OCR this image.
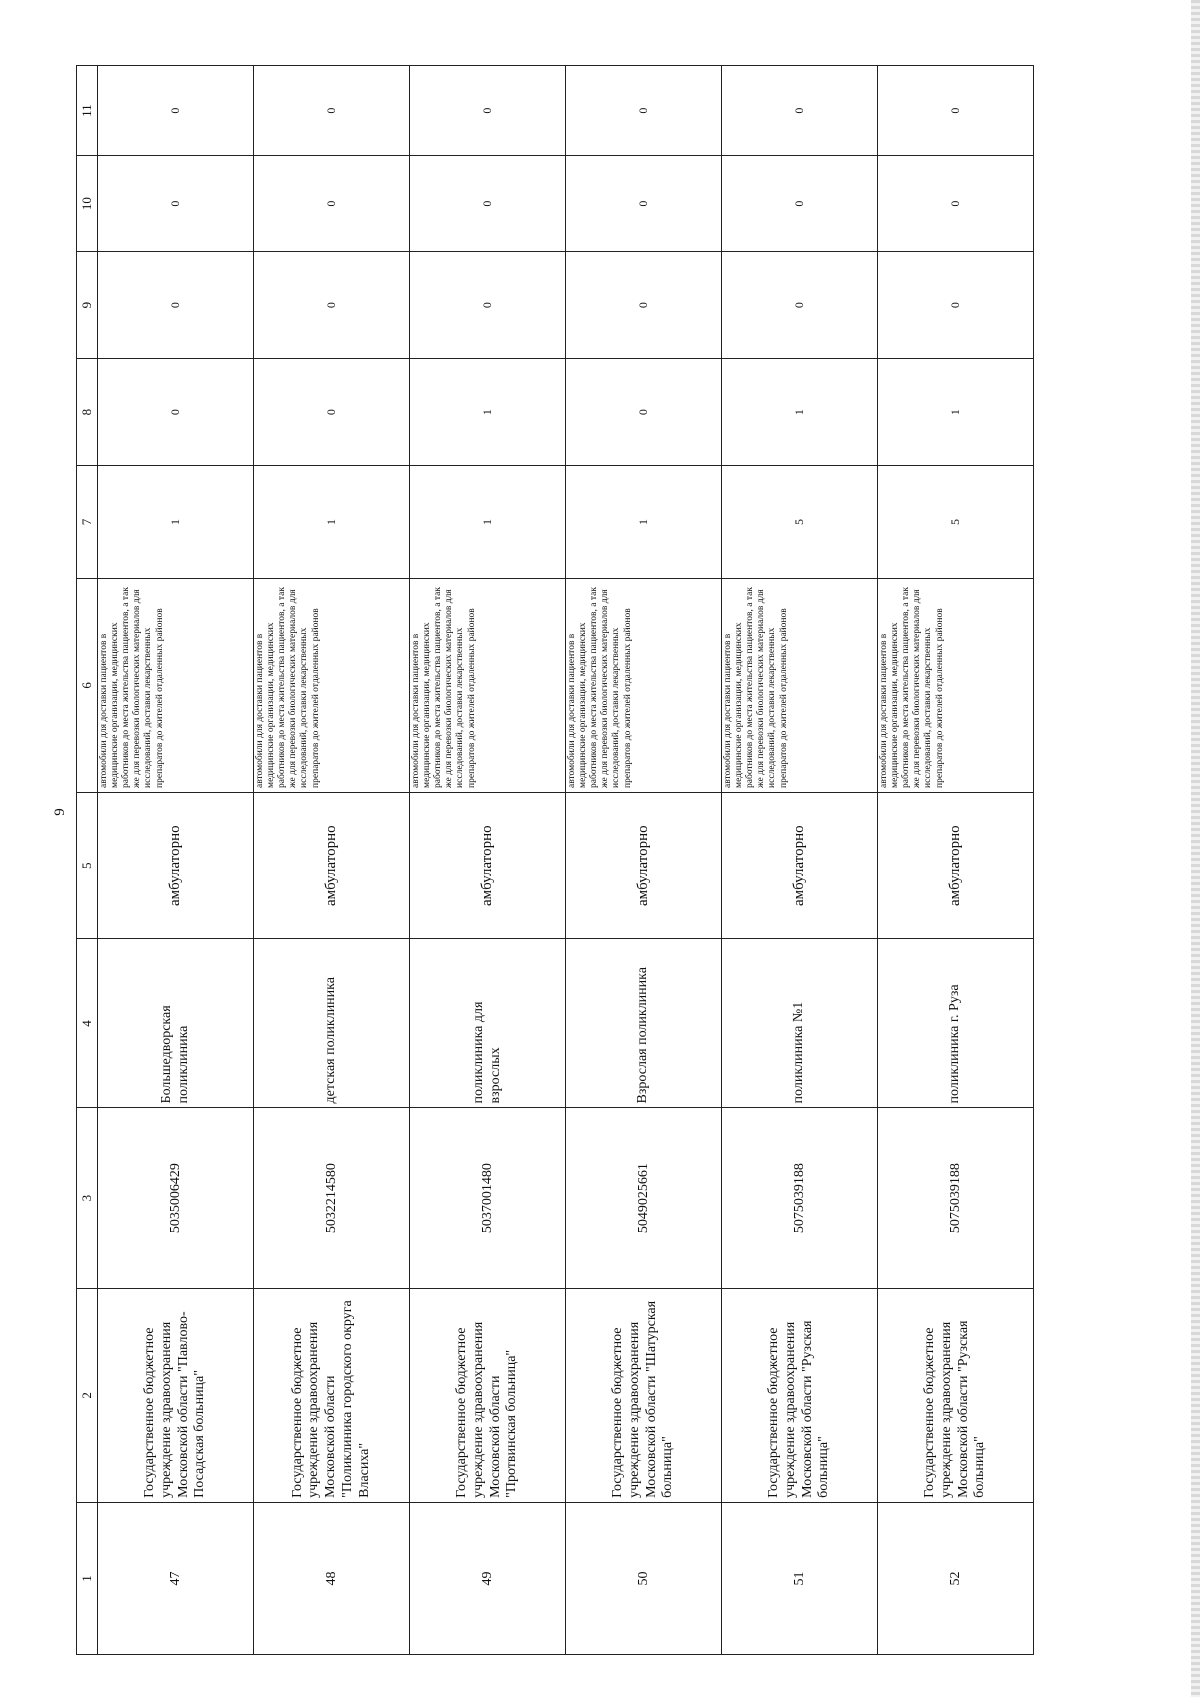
9
1	2	3	4	5	6	7	8	9	10	11
47	Государственное бюджетное учреждение здравоохранения Московской области "Павлово-Посадская больница"	5035006429	Большедворская поликлиника	амбулаторно	автомобили для доставки пациентов в медицинские организации, медицинских работников до места жительства пациентов, а так же для перевозки биологических материалов для исследований, доставки лекарственных препаратов до жителей отдаленных районов	1	0	0	0	0
48	Государственное бюджетное учреждение здравоохранения Московской области "Поликлиника городского округа Власиха"	5032214580	детская поликлиника	амбулаторно	автомобили для доставки пациентов в медицинские организации, медицинских работников до места жительства пациентов, а так же для перевозки биологических материалов для исследований, доставки лекарственных препаратов до жителей отдаленных районов	1	0	0	0	0
49	Государственное бюджетное учреждение здравоохранения Московской области "Протвинская больница"	5037001480	поликлиника для взрослых	амбулаторно	автомобили для доставки пациентов в медицинские организации, медицинских работников до места жительства пациентов, а так же для перевозки биологических материалов для исследований, доставки лекарственных препаратов до жителей отдаленных районов	1	1	0	0	0
50	Государственное бюджетное учреждение здравоохранения Московской области "Шатурская больница"	5049025661	Взрослая поликлиника	амбулаторно	автомобили для доставки пациентов в медицинские организации, медицинских работников до места жительства пациентов, а так же для перевозки биологических материалов для исследований, доставки лекарственных препаратов до жителей отдаленных районов	1	0	0	0	0
51	Государственное бюджетное учреждение здравоохранения Московской области "Рузская больница"	5075039188	поликлиника №1	амбулаторно	автомобили для доставки пациентов в медицинские организации, медицинских работников до места жительства пациентов, а так же для перевозки биологических материалов для исследований, доставки лекарственных препаратов до жителей отдаленных районов	5	1	0	0	0
52	Государственное бюджетное учреждение здравоохранения Московской области "Рузская больница"	5075039188	поликлиника г. Руза	амбулаторно	автомобили для доставки пациентов в медицинские организации, медицинских работников до места жительства пациентов, а так же для перевозки биологических материалов для исследований, доставки лекарственных препаратов до жителей отдаленных районов	5	1	0	0	0
